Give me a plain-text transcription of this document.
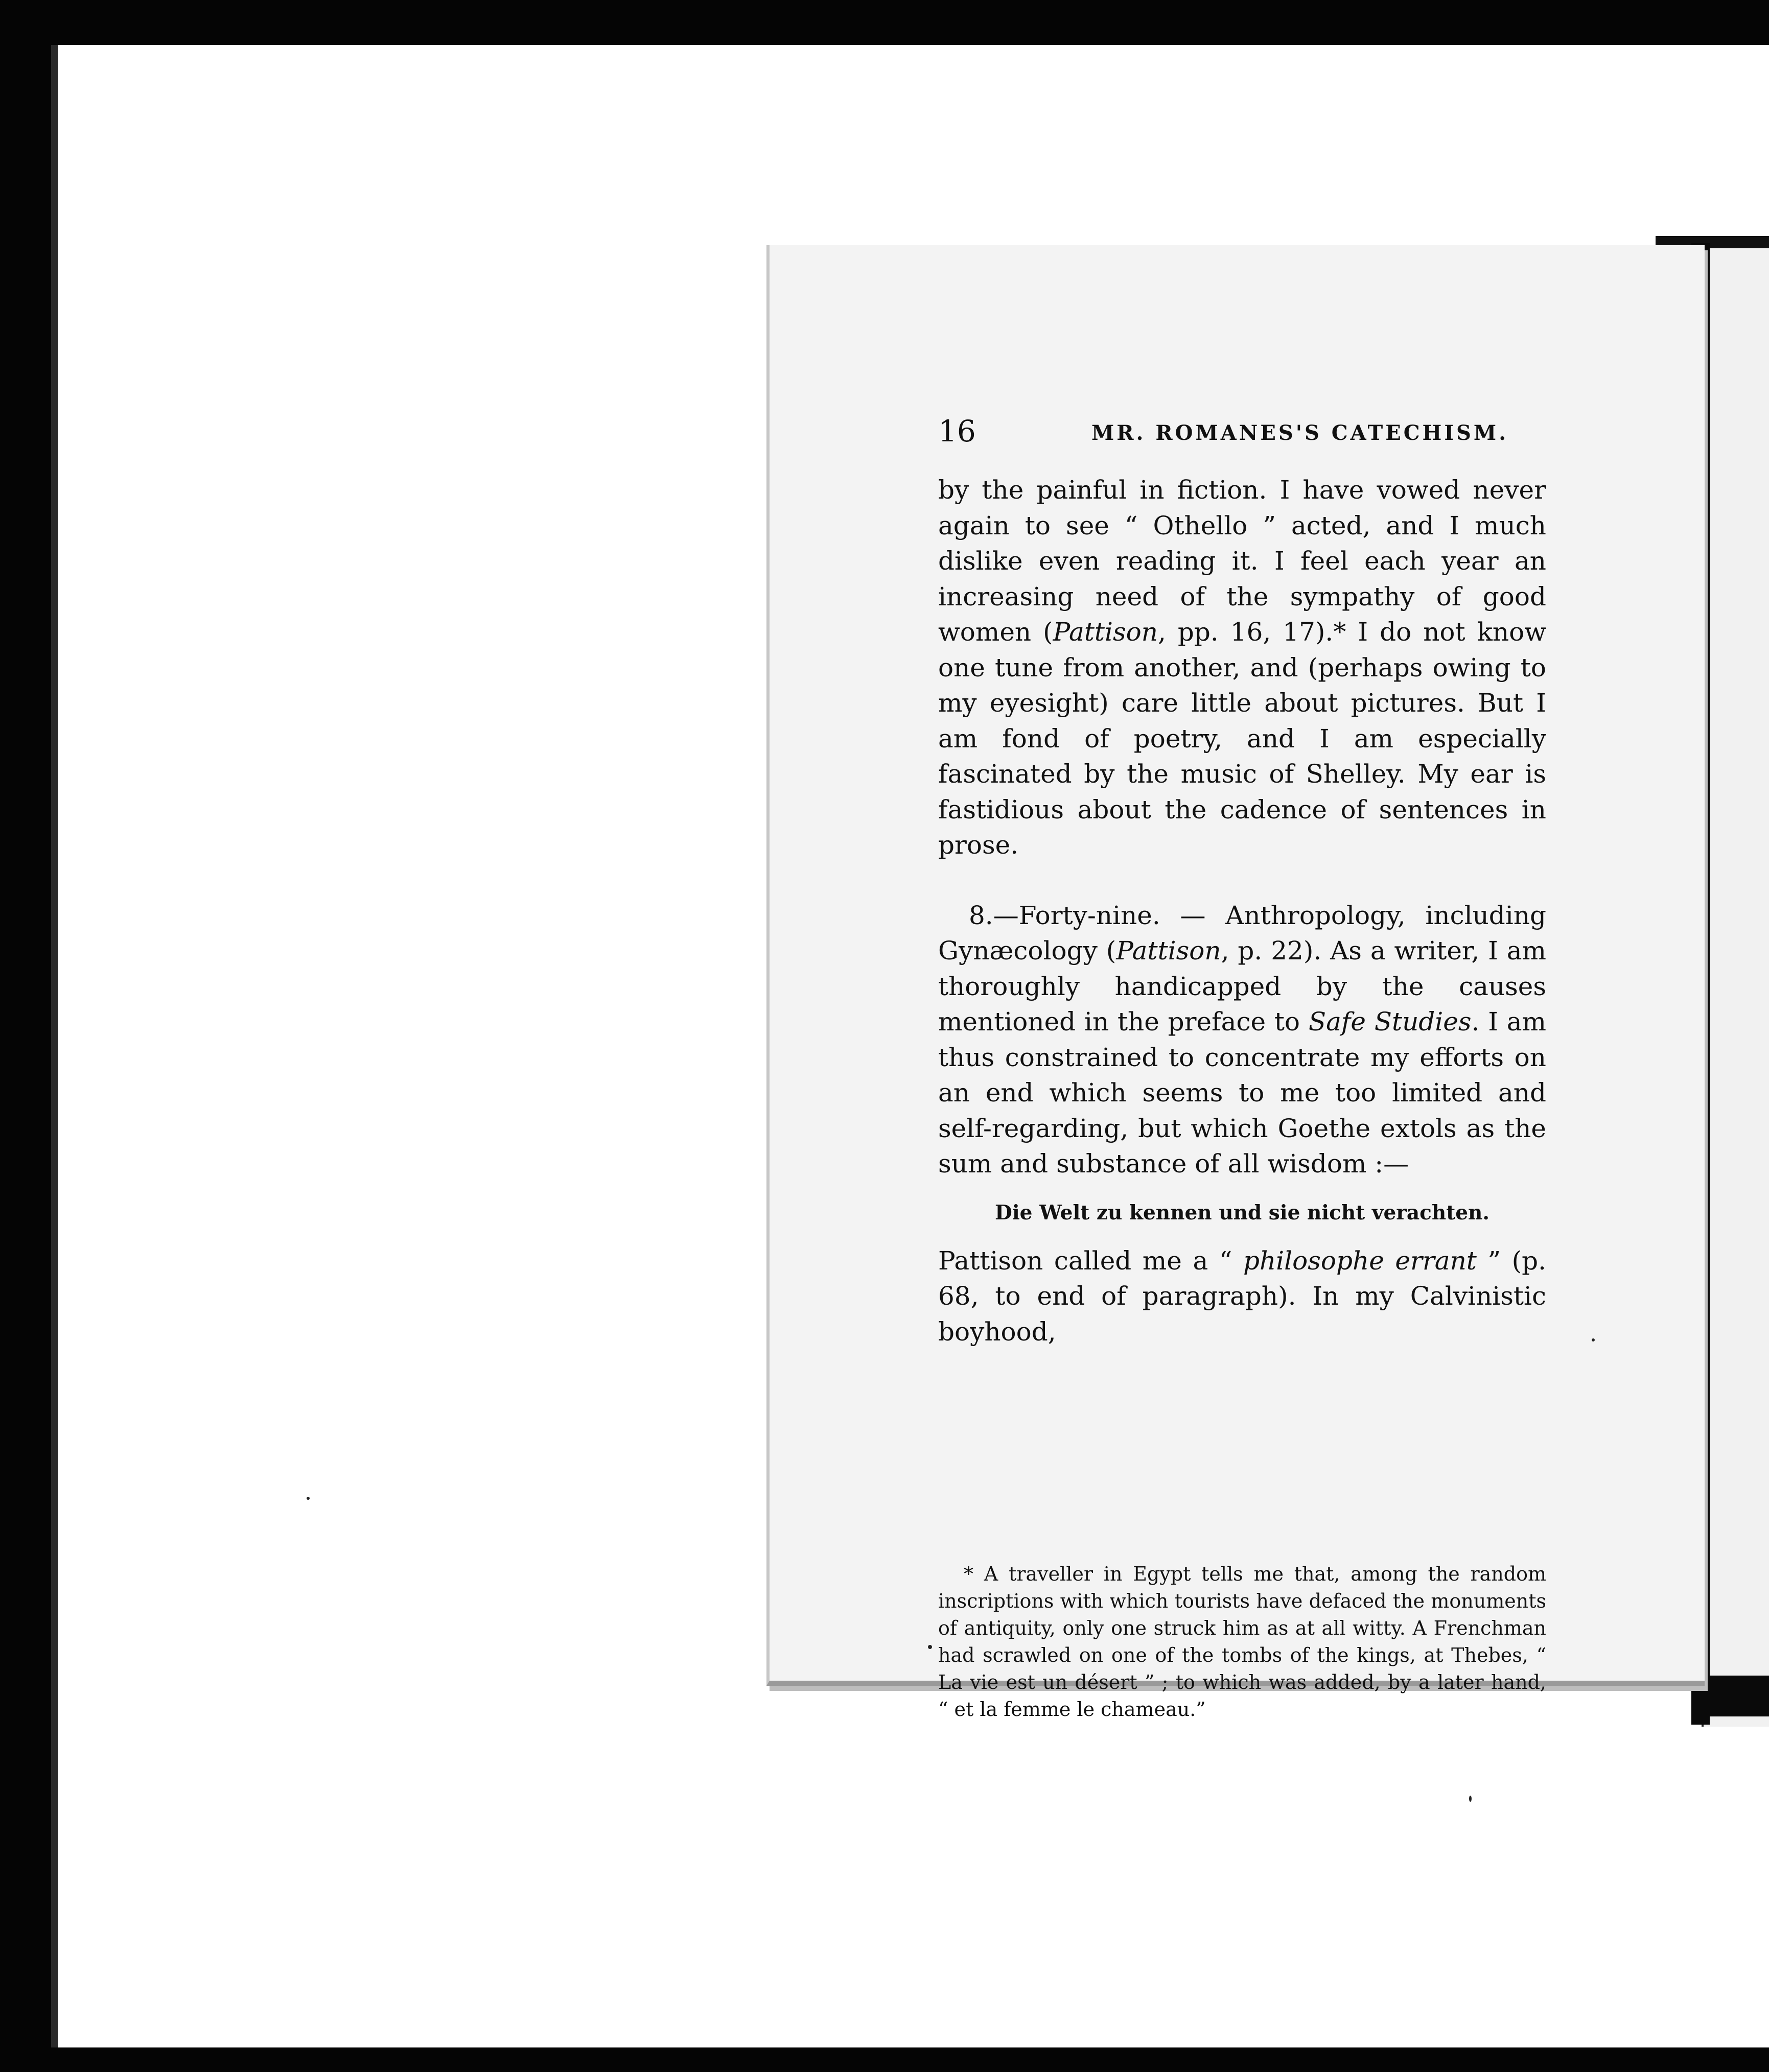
16	MR. ROMANES'S CATECHISM.

by the painful in fiction. I have vowed never again to see “ Othello ” acted, and I much dislike even reading it. I feel each year an increasing need of the sympathy of good women (Pattison, pp. 16, 17).* I do not know one tune from another, and (perhaps owing to my eyesight) care little about pictures. But I am fond of poetry, and I am especially fascinated by the music of Shelley. My ear is fastidious about the cadence of sentences in prose.

8.—Forty-nine. — Anthropology, including Gynæcology (Pattison, p. 22). As a writer, I am thoroughly handicapped by the causes mentioned in the preface to Safe Studies. I am thus constrained to concentrate my efforts on an end which seems to me too limited and self-regarding, but which Goethe extols as the sum and substance of all wisdom :—

Die Welt zu kennen und sie nicht verachten.

Pattison called me a “ philosophe errant ” (p. 68, to end of paragraph). In my Calvinistic boyhood,

* A traveller in Egypt tells me that, among the random inscriptions with which tourists have defaced the monuments of antiquity, only one struck him as at all witty. A Frenchman had scrawled on one of the tombs of the kings, at Thebes, “ La vie est un désert ” ; to which was added, by a later hand, “ et la femme le chameau.”
